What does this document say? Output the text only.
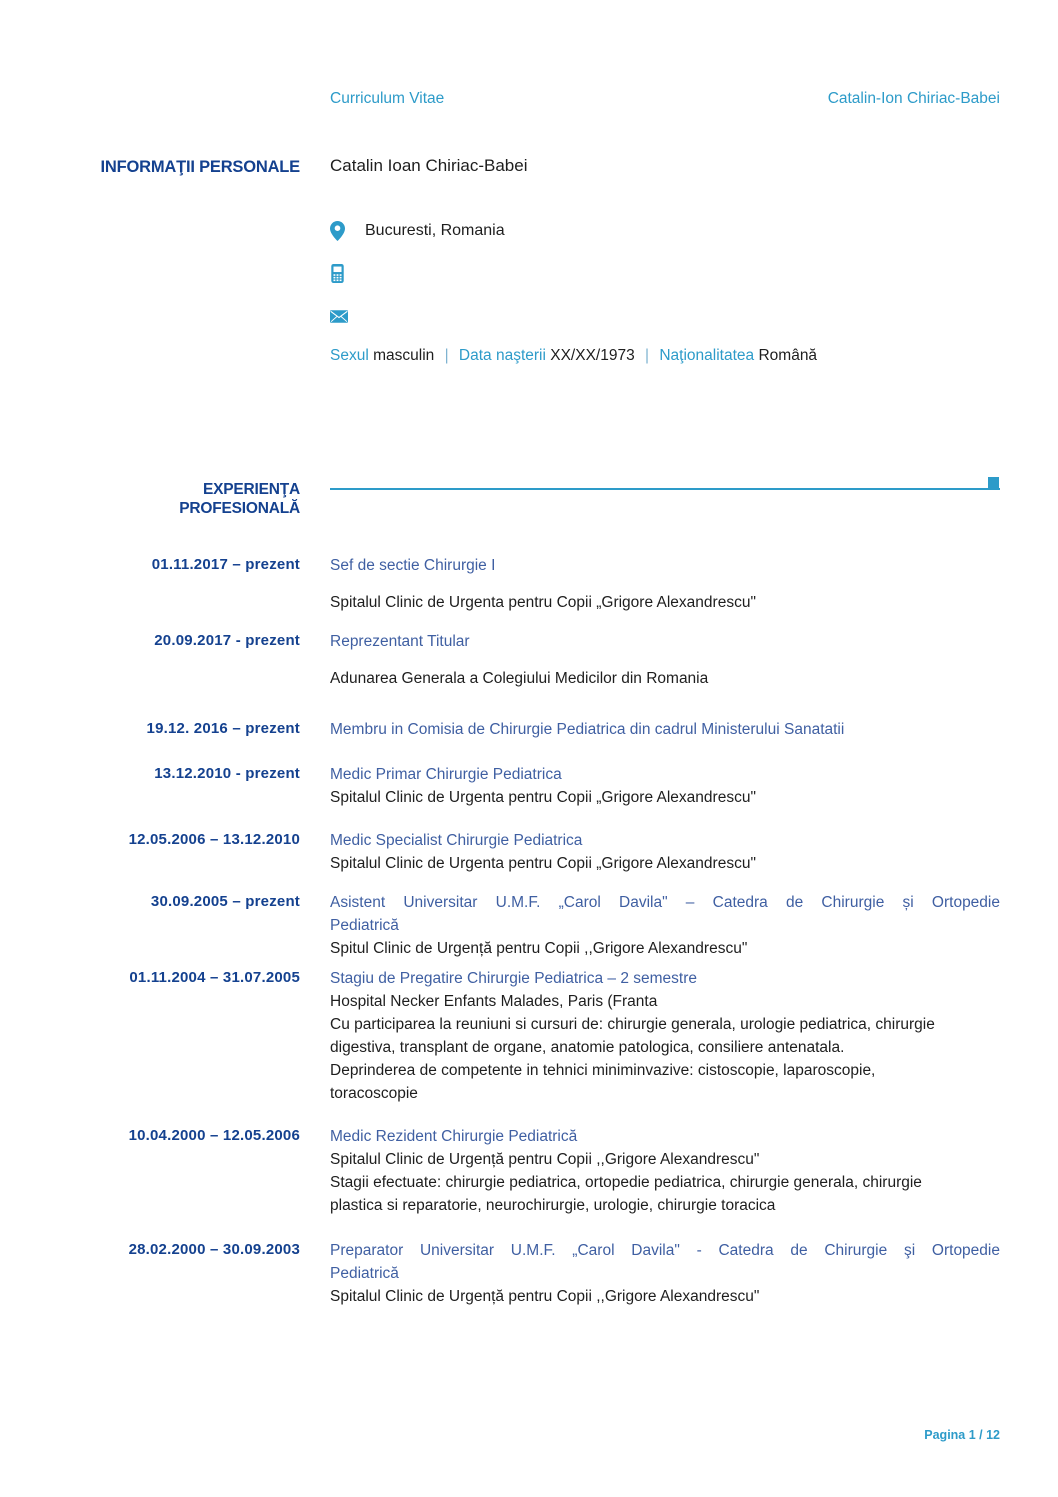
Curriculum Vitae	Catalin-Ion Chiriac-Babei
INFORMAŢII PERSONALE Catalin Ioan Chiriac-Babei
Bucuresti, Romania
Sexul masculin | Data naşterii XX/XX/1973 | Naţionalitatea Română
EXPERIENŢA
PROFESIONALĂ
01.11.2017 – prezent Sef de sectie Chirurgie I
Spitalul Clinic de Urgenta pentru Copii „Grigore Alexandrescu"
20.09.2017 - prezent Reprezentant Titular
Adunarea Generala a Colegiului Medicilor din Romania
19.12. 2016 – prezent Membru in Comisia de Chirurgie Pediatrica din cadrul Ministerului Sanatatii
13.12.2010 - prezent Medic Primar Chirurgie Pediatrica
Spitalul Clinic de Urgenta pentru Copii „Grigore Alexandrescu"
12.05.2006 – 13.12.2010 Medic Specialist Chirurgie Pediatrica
Spitalul Clinic de Urgenta pentru Copii „Grigore Alexandrescu"
30.09.2005 – prezent Asistent Universitar U.M.F. „Carol Davila" – Catedra de Chirurgie și Ortopedie
Pediatrică
Spitul Clinic de Urgență pentru Copii ,,Grigore Alexandrescu"
01.11.2004 – 31.07.2005 Stagiu de Pregatire Chirurgie Pediatrica – 2 semestre
Hospital Necker Enfants Malades, Paris (Franta

Cu participarea la reuniuni si cursuri de: chirurgie generala, urologie pediatrica, chirurgie digestiva, transplant de organe, anatomie patologica, consiliere antenatala.

Deprinderea de competente in tehnici miniminvazive: cistoscopie, laparoscopie, toracoscopie

10.04.2000 – 12.05.2006 Medic Rezident Chirurgie Pediatrică
Spitalul Clinic de Urgență pentru Copii ,,Grigore Alexandrescu"

Stagii efectuate: chirurgie pediatrica, ortopedie pediatrica, chirurgie generala, chirurgie plastica si reparatorie, neurochirurgie, urologie, chirurgie toracica

28.02.2000 – 30.09.2003 Preparator Universitar U.M.F. „Carol Davila" - Catedra de Chirurgie şi Ortopedie
Pediatrică
Spitalul Clinic de Urgență pentru Copii ,,Grigore Alexandrescu"
Pagina 1 / 12
